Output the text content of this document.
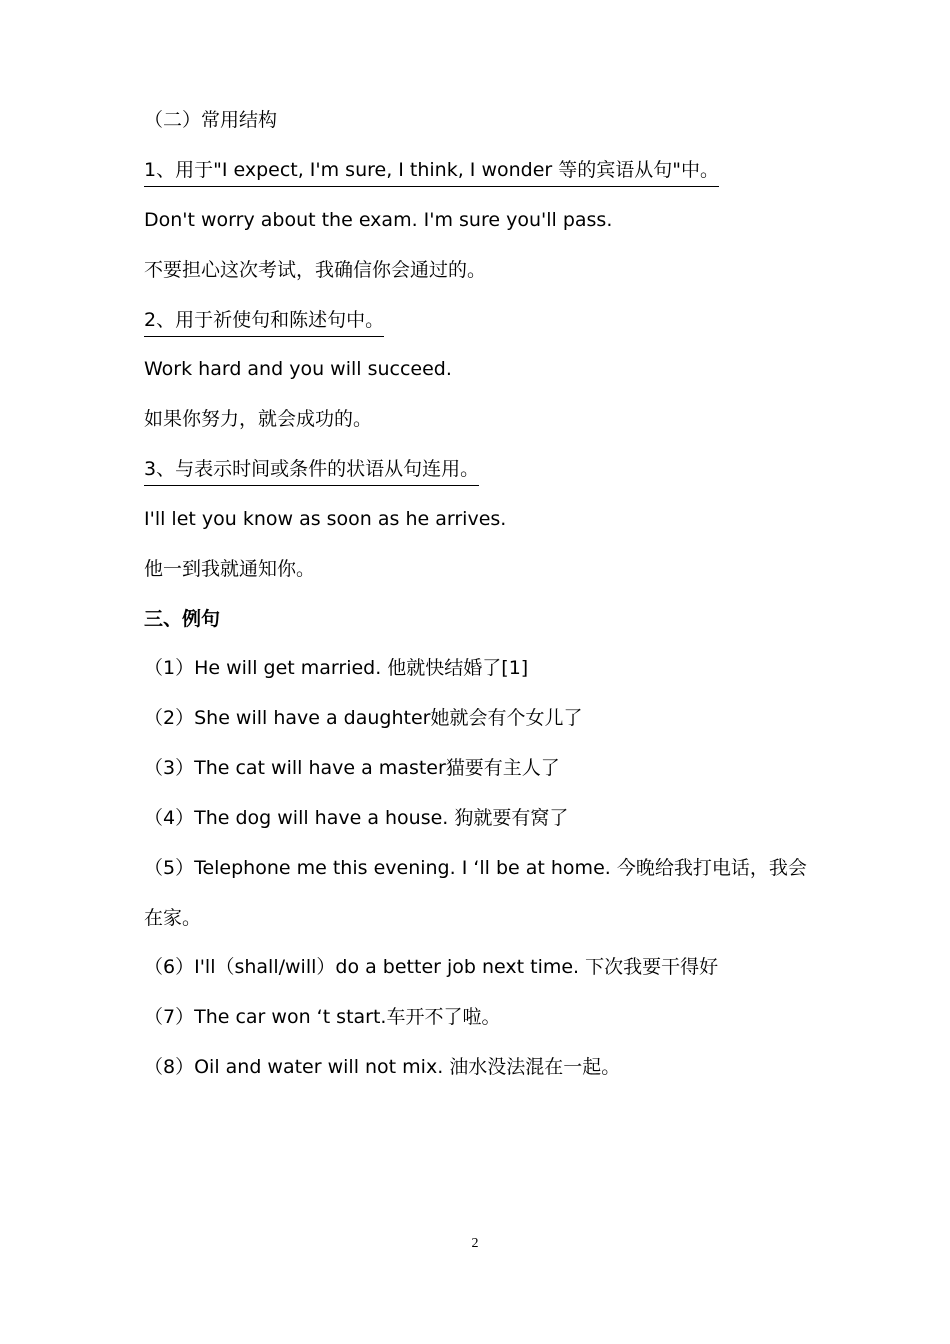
（二）常用结构
1、用于"I expect, I'm sure, I think, I wonder 等的宾语从句"中。
Don't worry about the exam. I'm sure you'll pass.
不要担心这次考试，我确信你会通过的。
2、用于祈使句和陈述句中。
Work hard and you will succeed.
如果你努力，就会成功的。
3、与表示时间或条件的状语从句连用。
I'll let you know as soon as he arrives.
他一到我就通知你。
三、例句
（1）He will get married. 他就快结婚了[1]
（2）She will have a daughter她就会有个女儿了
（3）The cat will have a master猫要有主人了
（4）The dog will have a house. 狗就要有窝了
（5）Telephone me this evening. I ‘ll be at home. 今晚给我打电话，我会
在家。
（6）I'll（shall/will）do a better job next time. 下次我要干得好
（7）The car won ‘t start.车开不了啦。
（8）Oil and water will not mix. 油水没法混在一起。
2
